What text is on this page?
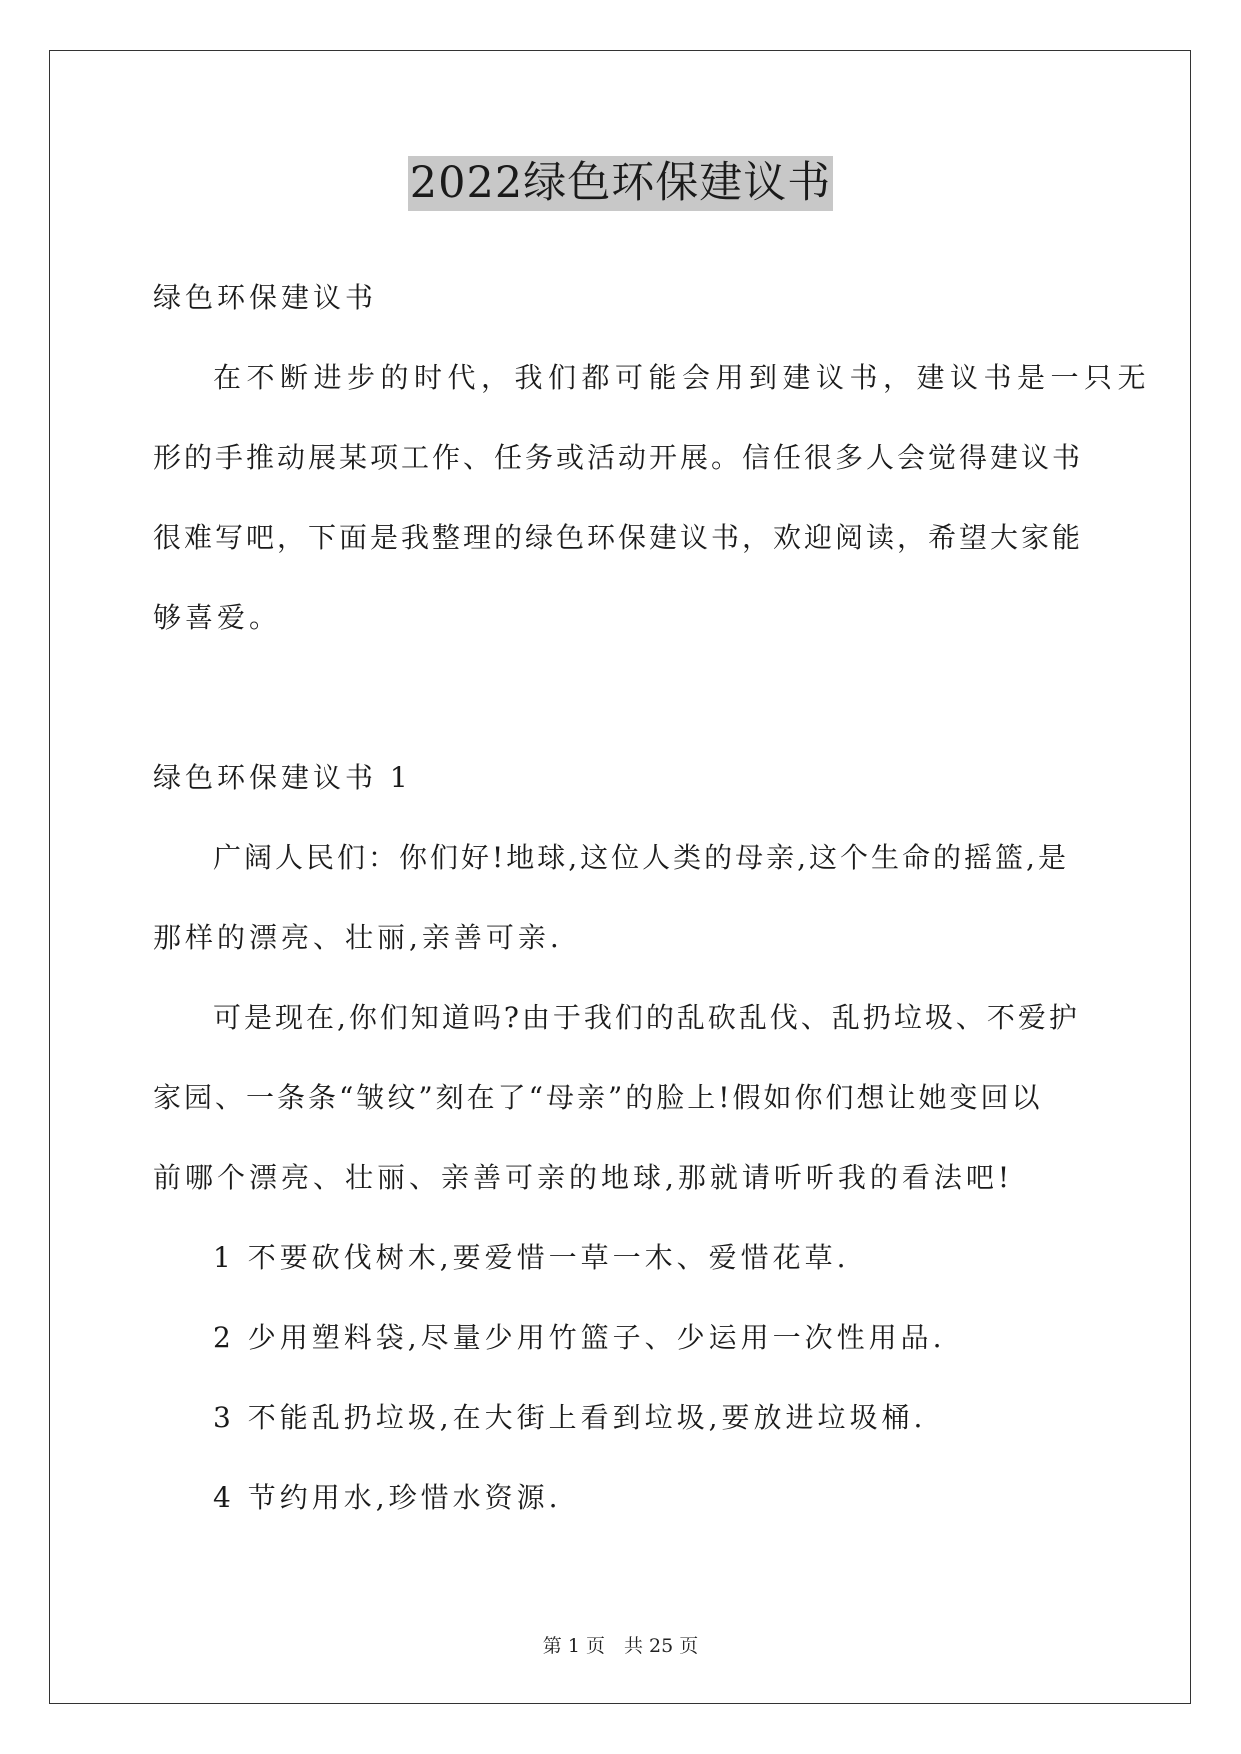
2022绿色环保建议书
绿色环保建议书
在不断进步的时代，我们都可能会用到建议书，建议书是一只无
形的手推动展某项工作、任务或活动开展。信任很多人会觉得建议书
很难写吧，下面是我整理的绿色环保建议书，欢迎阅读，希望大家能
够喜爱。
绿色环保建议书 1
广阔人民们：你们好!地球,这位人类的母亲,这个生命的摇篮,是
那样的漂亮、壮丽,亲善可亲.
可是现在,你们知道吗?由于我们的乱砍乱伐、乱扔垃圾、不爱护
家园、一条条“皱纹”刻在了“母亲”的脸上!假如你们想让她变回以
前哪个漂亮、壮丽、亲善可亲的地球,那就请听听我的看法吧!
1 不要砍伐树木,要爱惜一草一木、爱惜花草.
2 少用塑料袋,尽量少用竹篮子、少运用一次性用品.
3 不能乱扔垃圾,在大街上看到垃圾,要放进垃圾桶.
4 节约用水,珍惜水资源.
第 1 页　共 25 页
